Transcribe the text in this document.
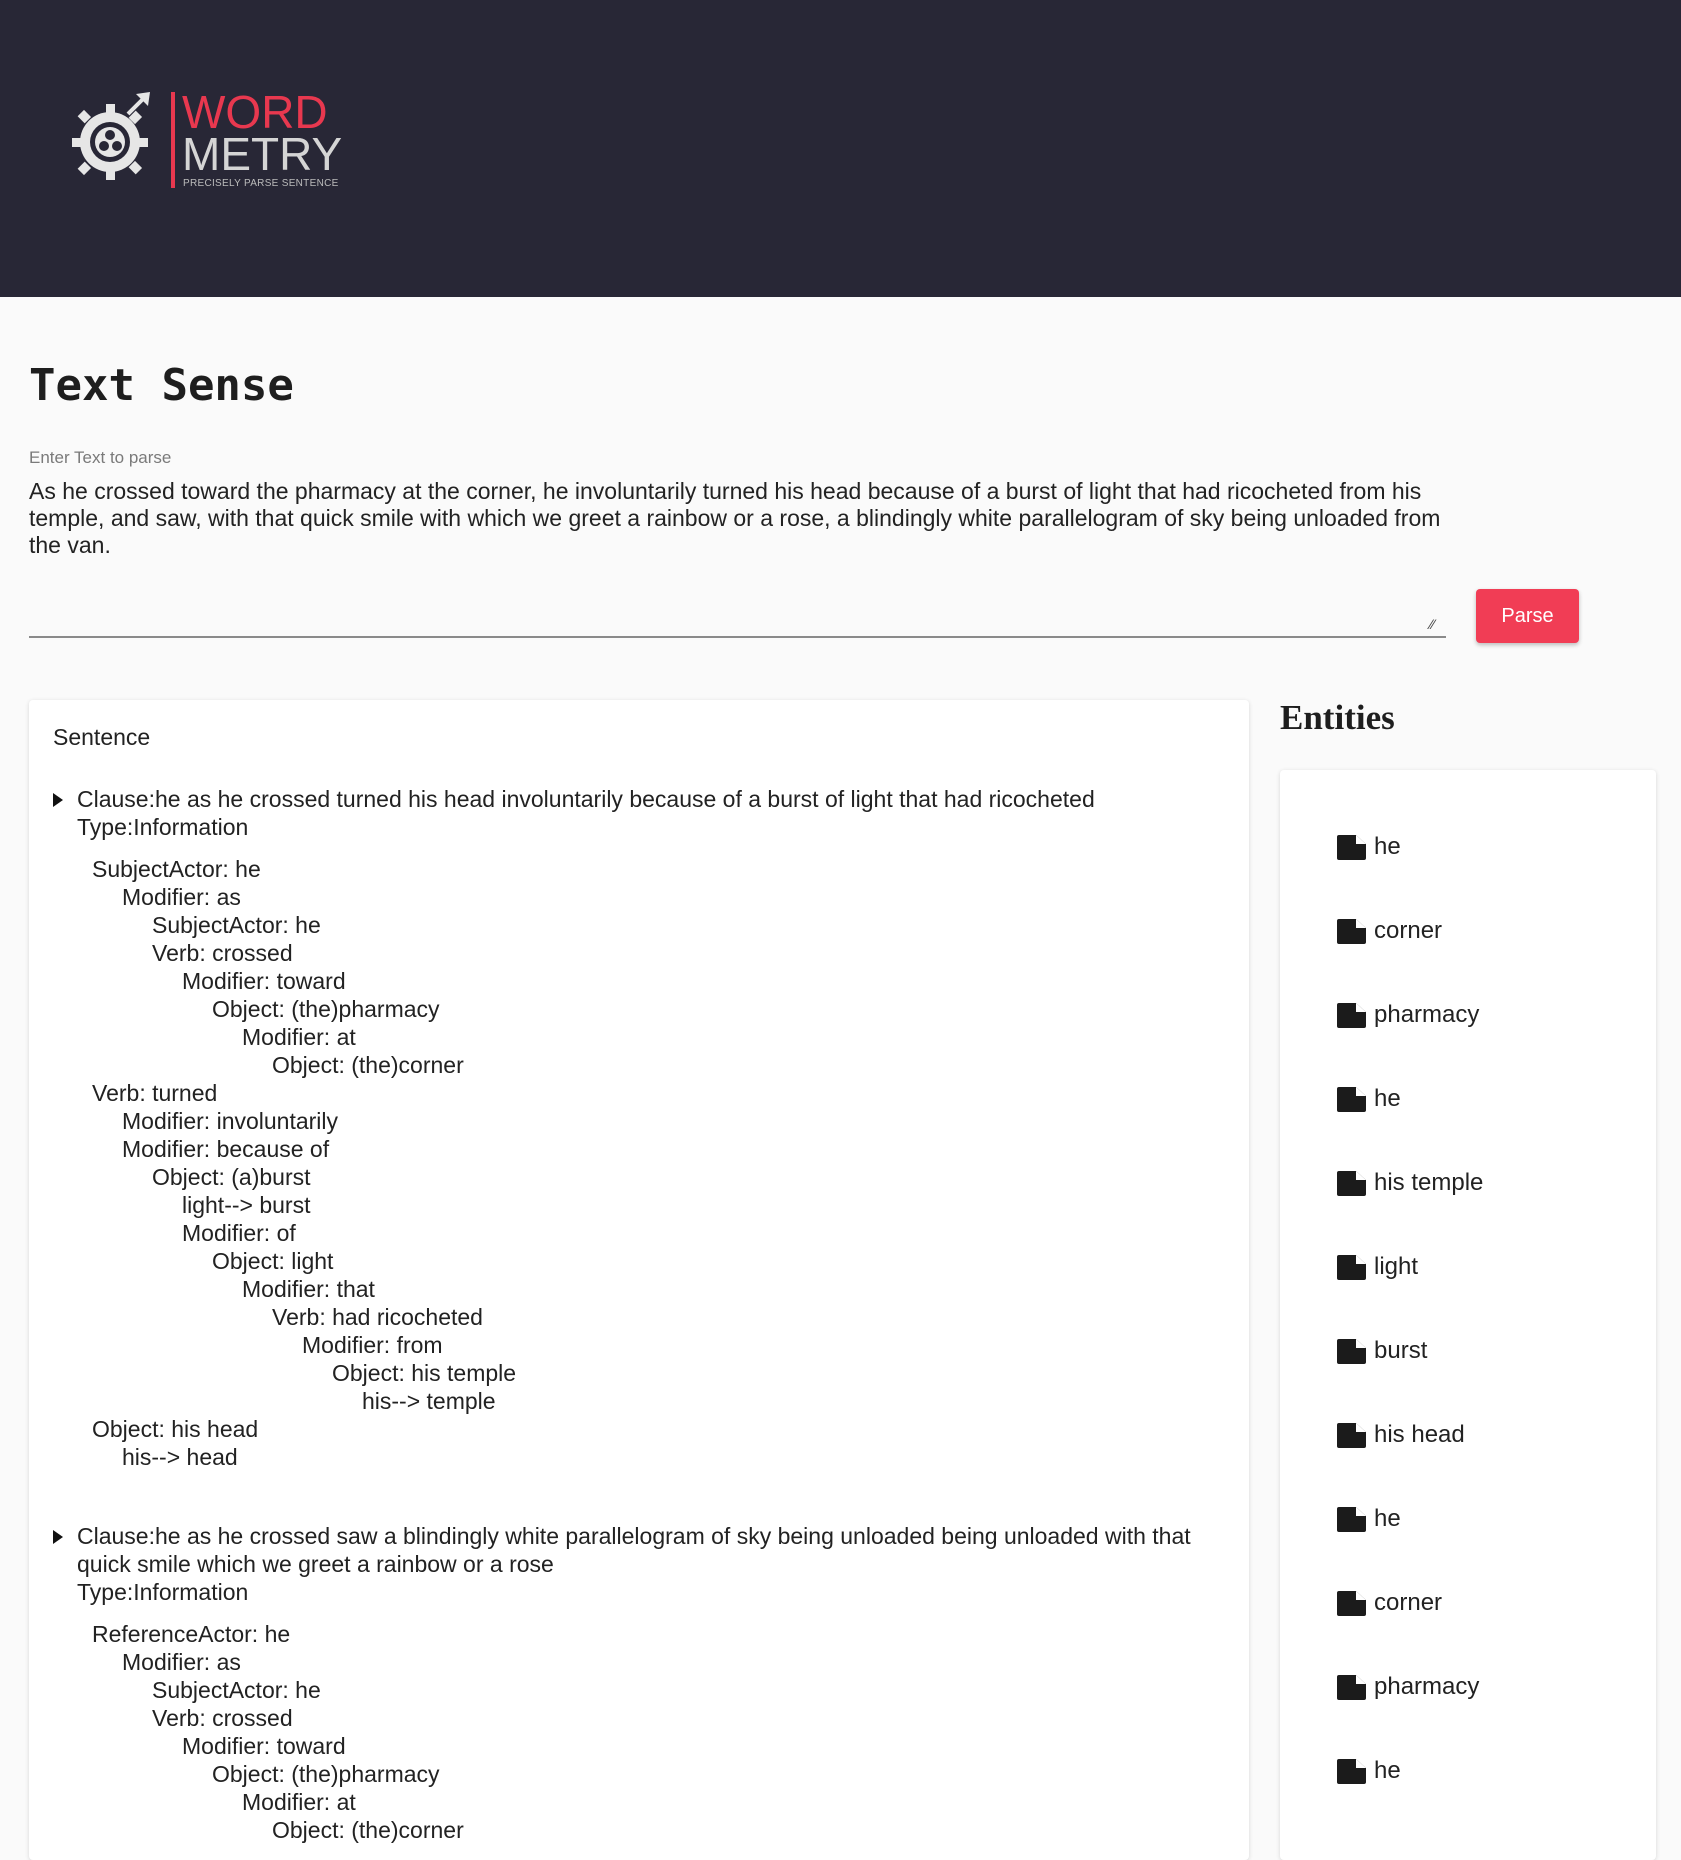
WORD
METRY
PRECISELY PARSE SENTENCE
Text Sense
Enter Text to parse
As he crossed toward the pharmacy at the corner, he involuntarily turned his head because of a burst of light that had ricocheted from his temple, and saw, with that quick smile with which we greet a rainbow or a rose, a blindingly white parallelogram of sky being unloaded from the van.
⁄⁄	Parse
Sentence
Clause:he as he crossed turned his head involuntarily because of a burst of light that had ricocheted
Type:Information
SubjectActor: he
Modifier: as
SubjectActor: he
Verb: crossed
Modifier: toward
Object: (the)pharmacy
Modifier: at
Object: (the)corner
Verb: turned
Modifier: involuntarily
Modifier: because of
Object: (a)burst
light--> burst
Modifier: of
Object: light
Modifier: that
Verb: had ricocheted
Modifier: from
Object: his temple
his--> temple
Object: his head
his--> head
Clause:he as he crossed saw a blindingly white parallelogram of sky being unloaded being unloaded with that quick smile which we greet a rainbow or a rose
Type:Information
ReferenceActor: he
Modifier: as
SubjectActor: he
Verb: crossed
Modifier: toward
Object: (the)pharmacy
Modifier: at
Object: (the)corner
Entities
he
corner
pharmacy
he
his temple
light
burst
his head
he
corner
pharmacy
he
